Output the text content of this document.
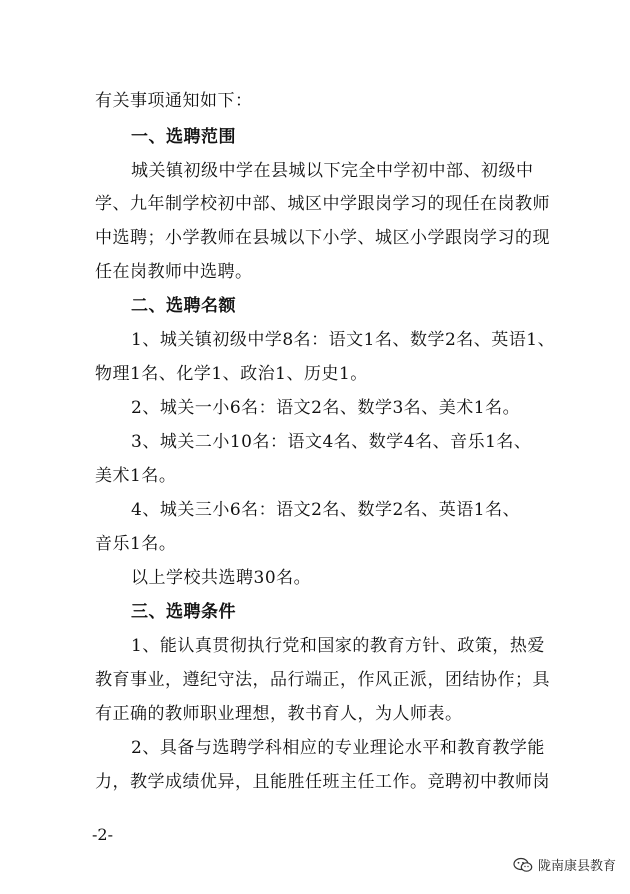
有关事项通知如下：
一、选聘范围
城关镇初级中学在县城以下完全中学初中部、初级中
学、九年制学校初中部、城区中学跟岗学习的现任在岗教师
中选聘；小学教师在县城以下小学、城区小学跟岗学习的现
任在岗教师中选聘。
二、选聘名额
1、城关镇初级中学8名：语文1名、数学2名、英语1、
物理1名、化学1、政治1、历史1。
2、城关一小6名：语文2名、数学3名、美术1名。
3、城关二小10名：语文4名、数学4名、音乐1名、
美术1名。
4、城关三小6名：语文2名、数学2名、英语1名、
音乐1名。
以上学校共选聘30名。
三、选聘条件
1、能认真贯彻执行党和国家的教育方针、政策，热爱
教育事业，遵纪守法，品行端正，作风正派，团结协作；具
有正确的教师职业理想，教书育人，为人师表。
2、具备与选聘学科相应的专业理论水平和教育教学能
力，教学成绩优异，且能胜任班主任工作。竞聘初中教师岗
-2-
陇南康县教育
